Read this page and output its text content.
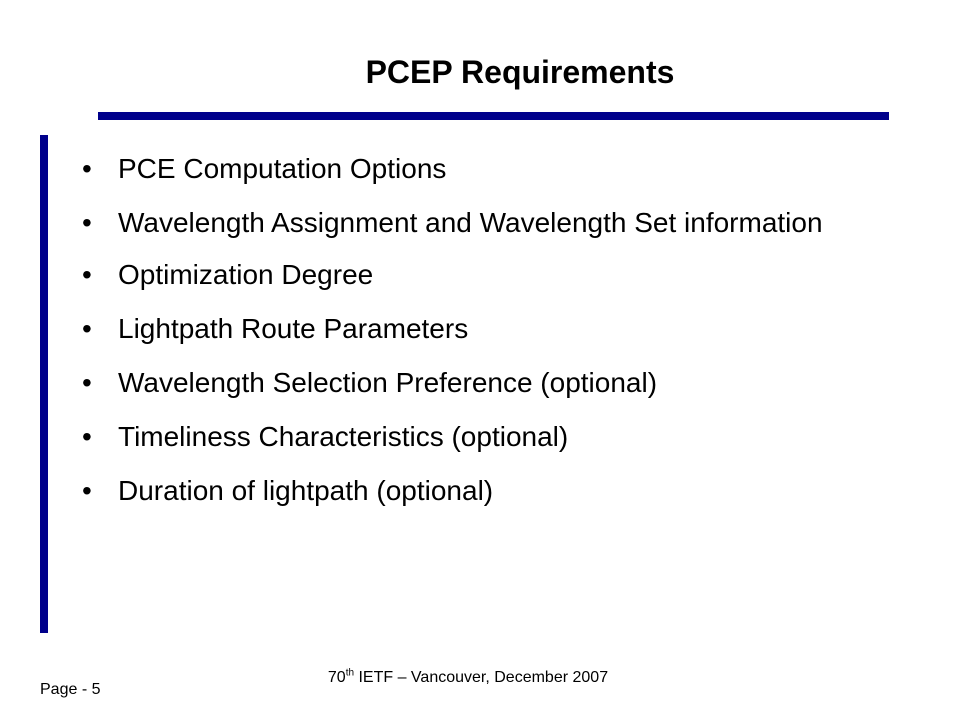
PCEP Requirements
• PCE Computation Options
• Wavelength Assignment and Wavelength Set information
• Optimization Degree
• Lightpath Route Parameters
• Wavelength Selection Preference (optional)
• Timeliness Characteristics (optional)
• Duration of lightpath (optional)
Page - 5
70th IETF – Vancouver, December 2007
